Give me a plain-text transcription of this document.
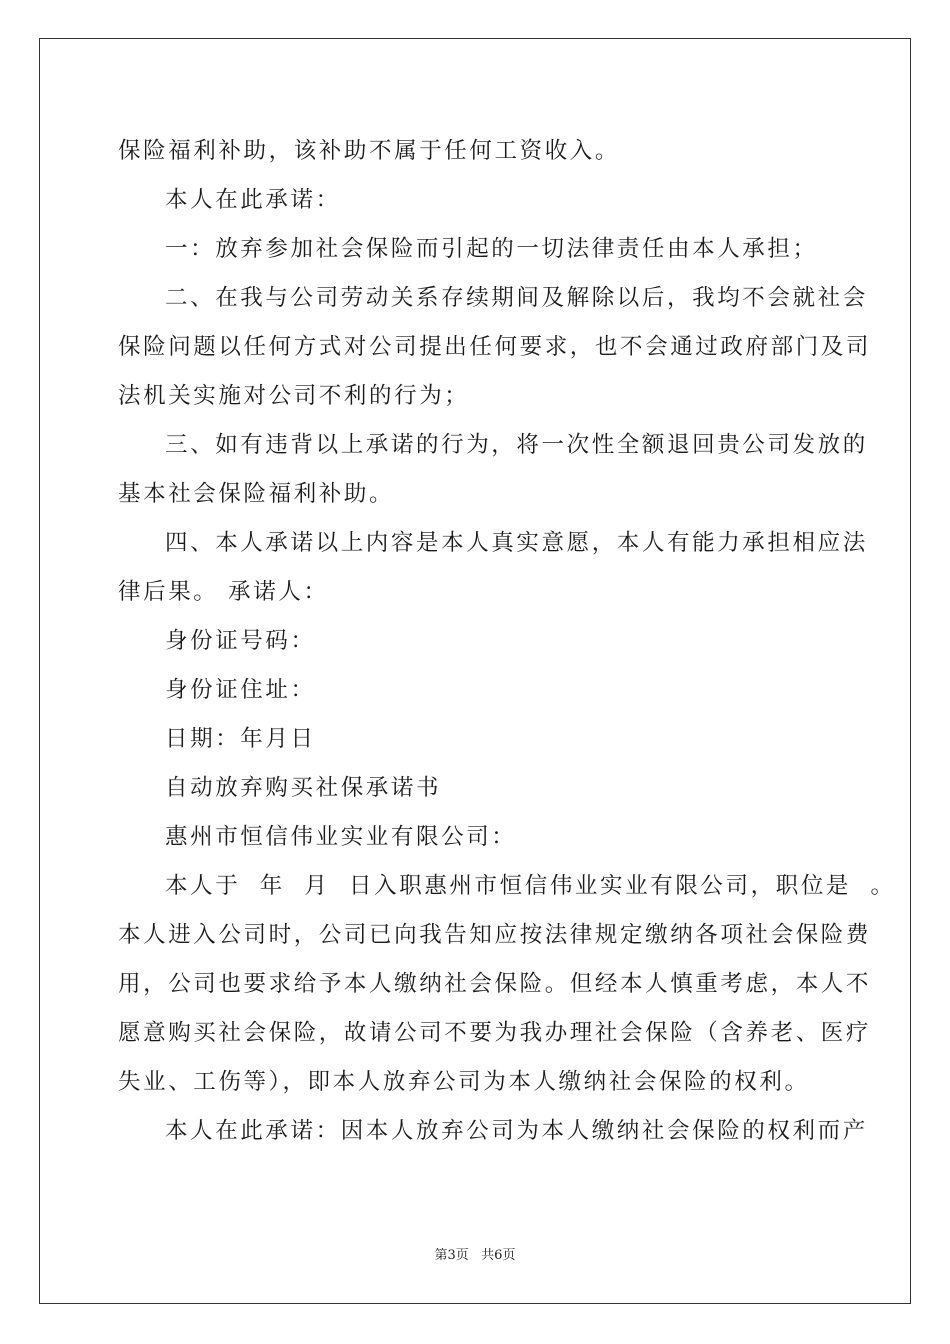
保险福利补助，该补助不属于任何工资收入。
本人在此承诺：
一：放弃参加社会保险而引起的一切法律责任由本人承担；
二、在我与公司劳动关系存续期间及解除以后，我均不会就社会
保险问题以任何方式对公司提出任何要求，也不会通过政府部门及司
法机关实施对公司不利的行为；
三、如有违背以上承诺的行为，将一次性全额退回贵公司发放的
基本社会保险福利补助。
四、本人承诺以上内容是本人真实意愿，本人有能力承担相应法
律后果。 承诺人：
身份证号码：
身份证住址：
日期：年月日
自动放弃购买社保承诺书
惠州市恒信伟业实业有限公司：
本人于  年  月  日入职惠州市恒信伟业实业有限公司，职位是  。
本人进入公司时，公司已向我告知应按法律规定缴纳各项社会保险费
用，公司也要求给予本人缴纳社会保险。但经本人慎重考虑，本人不
愿意购买社会保险，故请公司不要为我办理社会保险（含养老、医疗
失业、工伤等），即本人放弃公司为本人缴纳社会保险的权利。
本人在此承诺：因本人放弃公司为本人缴纳社会保险的权利而产
第3页   共6页
